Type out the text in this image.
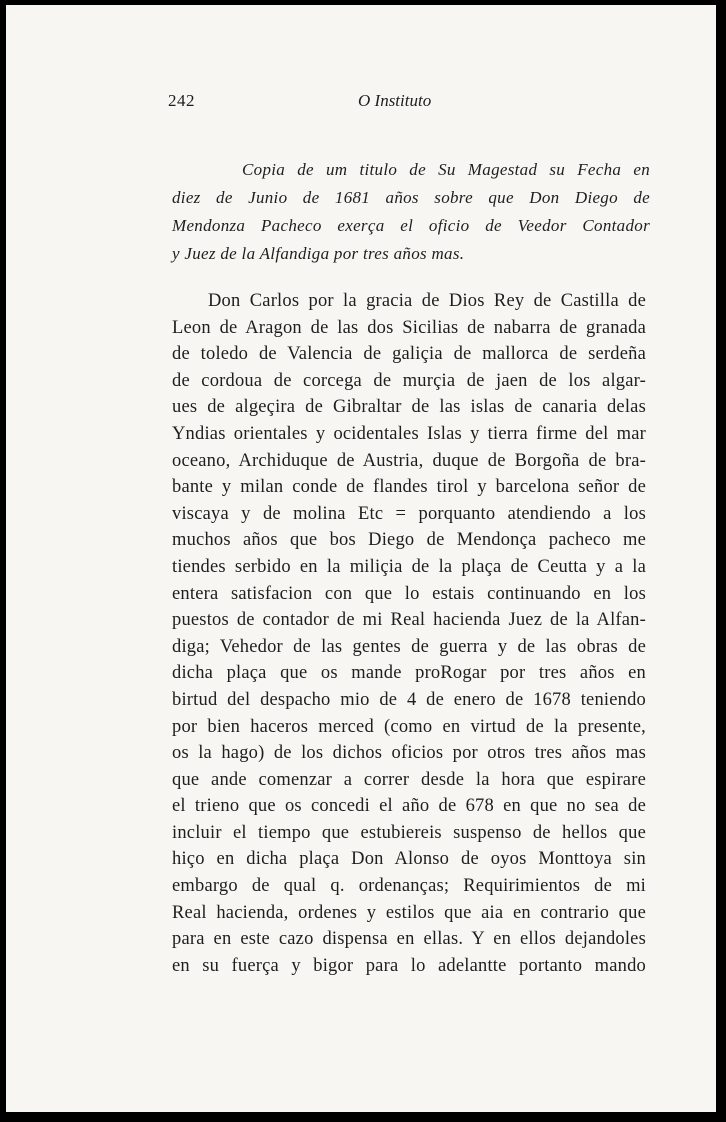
242	O Instituto
Copia de um titulo de Su Magestad su Fecha en
diez de Junio de 1681 años sobre que Don Diego de
Mendonza Pacheco exerça el oficio de Veedor Contador
y Juez de la Alfandiga por tres años mas.
Don Carlos por la gracia de Dios Rey de Castilla de
Leon de Aragon de las dos Sicilias de nabarra de granada
de toledo de Valencia de galiçia de mallorca de serdeña
de cordoua de corcega de murçia de jaen de los algar-
ues de algeçira de Gibraltar de las islas de canaria delas
Yndias orientales y ocidentales Islas y tierra firme del mar
oceano, Archiduque de Austria, duque de Borgoña de bra-
bante y milan conde de flandes tirol y barcelona señor de
viscaya y de molina Etc = porquanto atendiendo a los
muchos años que bos Diego de Mendonça pacheco me
tiendes serbido en la miliçia de la plaça de Ceutta y a la
entera satisfacion con que lo estais continuando en los
puestos de contador de mi Real hacienda Juez de la Alfan-
diga; Vehedor de las gentes de guerra y de las obras de
dicha plaça que os mande proRogar por tres años en
birtud del despacho mio de 4 de enero de 1678 teniendo
por bien haceros merced (como en virtud de la presente,
os la hago) de los dichos oficios por otros tres años mas
que ande comenzar a correr desde la hora que espirare
el trieno que os concedi el año de 678 en que no sea de
incluir el tiempo que estubiereis suspenso de hellos que
hiço en dicha plaça Don Alonso de oyos Monttoya sin
embargo de qual q. ordenanças; Requirimientos de mi
Real hacienda, ordenes y estilos que aia en contrario que
para en este cazo dispensa en ellas. Y en ellos dejandoles
en su fuerça y bigor para lo adelantte portanto mando
